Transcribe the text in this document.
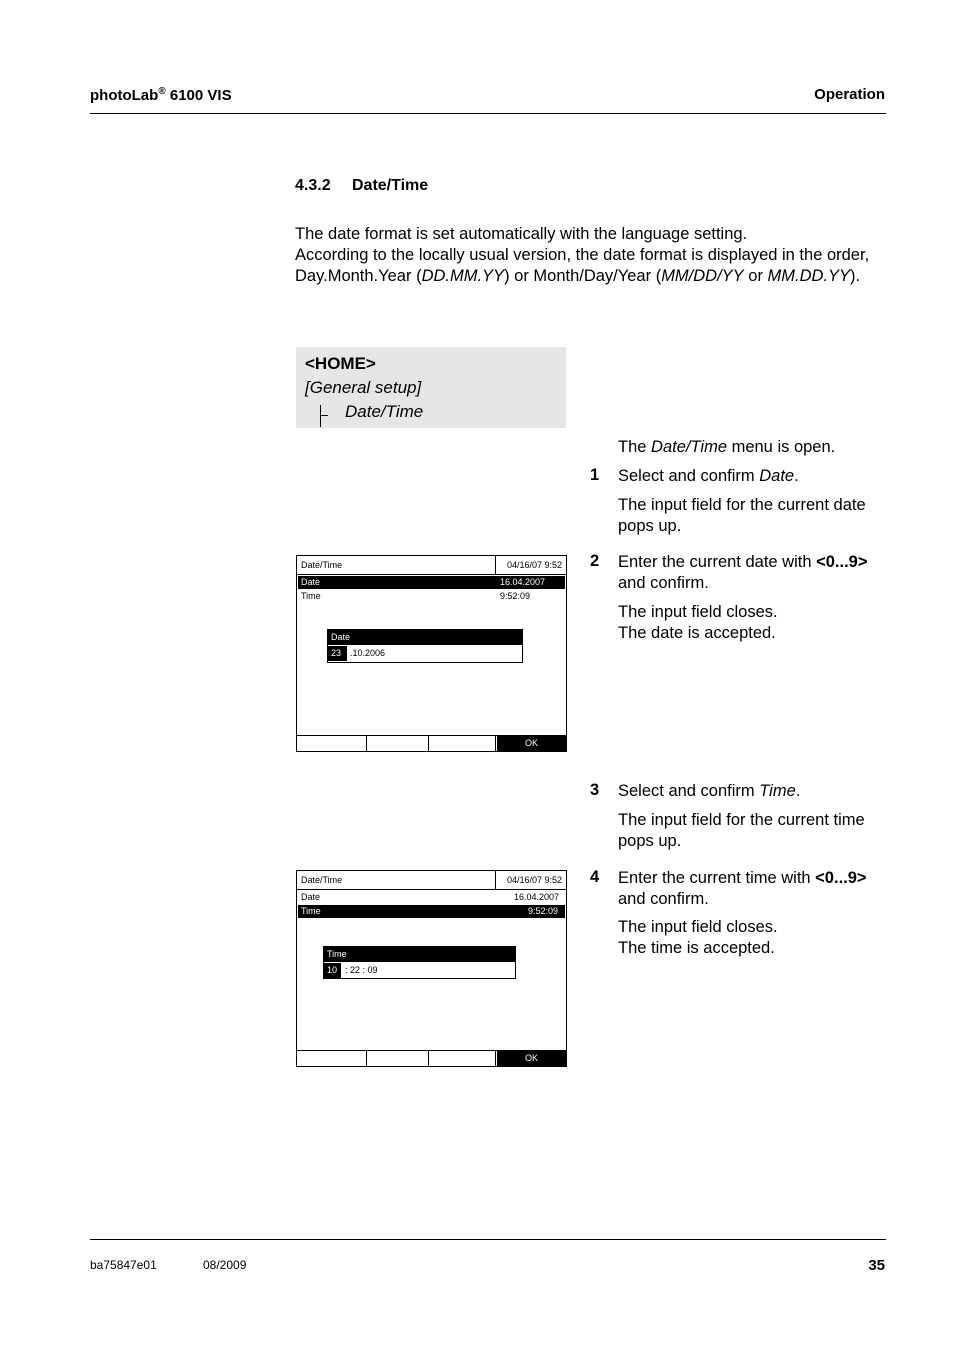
photoLab® 6100 VIS	Operation
4.3.2 Date/Time
The date format is set automatically with the language setting.
According to the locally usual version, the date format is displayed in the order, Day.Month.Year (DD.MM.YY) or Month/Day/Year (MM/DD/YY or MM.DD.YY).
<HOME>
[General setup]
Date/Time
The Date/Time menu is open.
1 Select and confirm Date.
The input field for the current date
pops up.
2 Enter the current date with <0...9>
and confirm.
The input field closes.
The date is accepted.
3 Select and confirm Time.
The input field for the current time
pops up.
4 Enter the current time with <0...9>
and confirm.
The input field closes.
The time is accepted.
Date/Time	04/16/07 9:52
Date	16.04.2007
Time	9:52:09
Date
23 .10.2006
OK
Date/Time	04/16/07 9:52
Date	16.04.2007
Time	9:52:09
Time
10 : 22 : 09
OK
ba75847e01	08/2009	35
